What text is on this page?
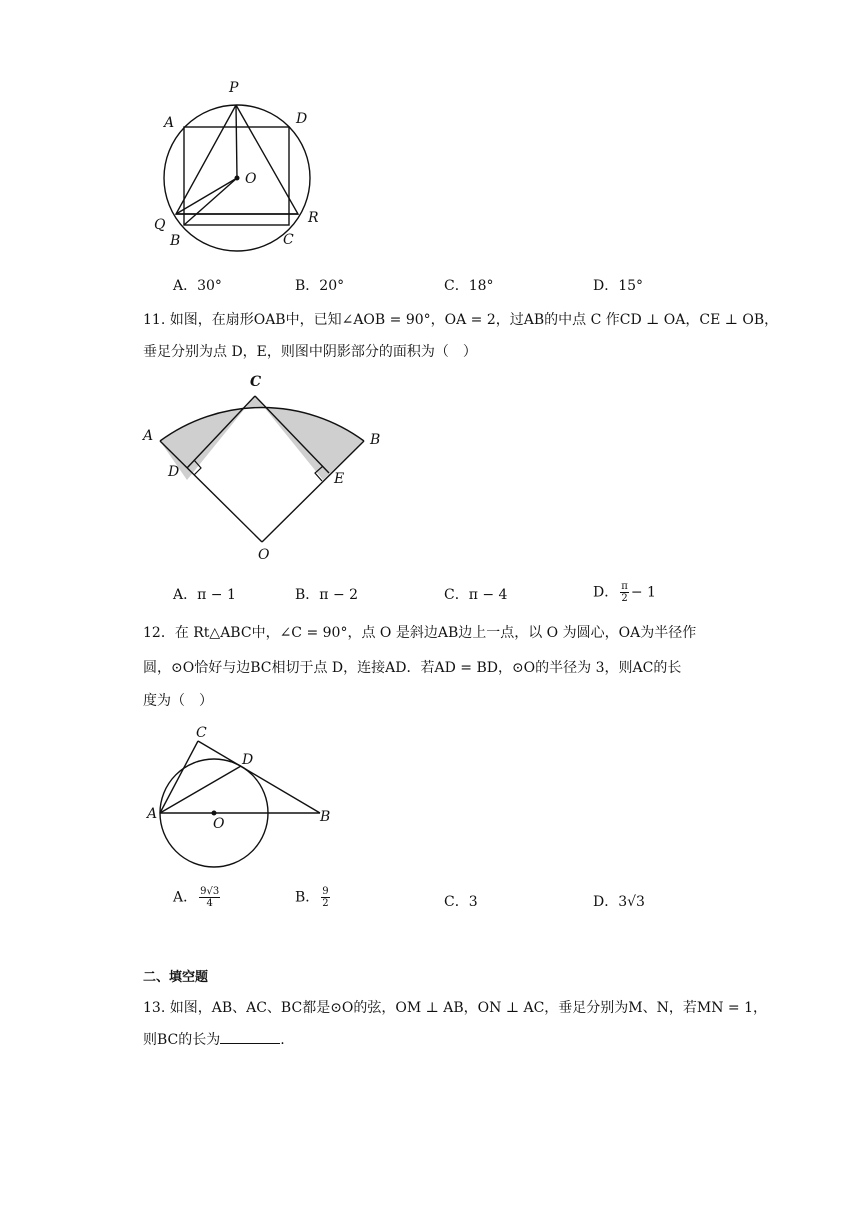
P
A	D
O
Q
B
R
C
A．30°	B．20°	C．18°	D．15°
11. 如图，在扇形OAB中，已知∠AOB = 90°，OA = 2，过AB的中点 C 作CD ⊥ OA，CE ⊥ OB，
垂足分别为点 D，E，则图中阴影部分的面积为（　）
C
A	B
D	E
O
A．π − 1	B．π − 2	C．π − 4	D． $\frac{\pi}{2} - 1$
12．在 Rt△ABC中，∠C = 90°，点 O 是斜边AB边上一点，以 O 为圆心，OA为半径作
圆，⊙O恰好与边BC相切于点 D，连接AD．若AD = BD，⊙O的半径为 3，则AC的长
度为（　）
C
D
A
O	B
A． $\frac{9√3}{4}$	B． $\frac{9}{2}$	C．3	D．3√3
二、填空题
13. 如图，AB、AC、BC都是⊙O的弦，OM ⊥ AB，ON ⊥ AC，垂足分别为M、N，若MN = 1，
则BC的长为	.
